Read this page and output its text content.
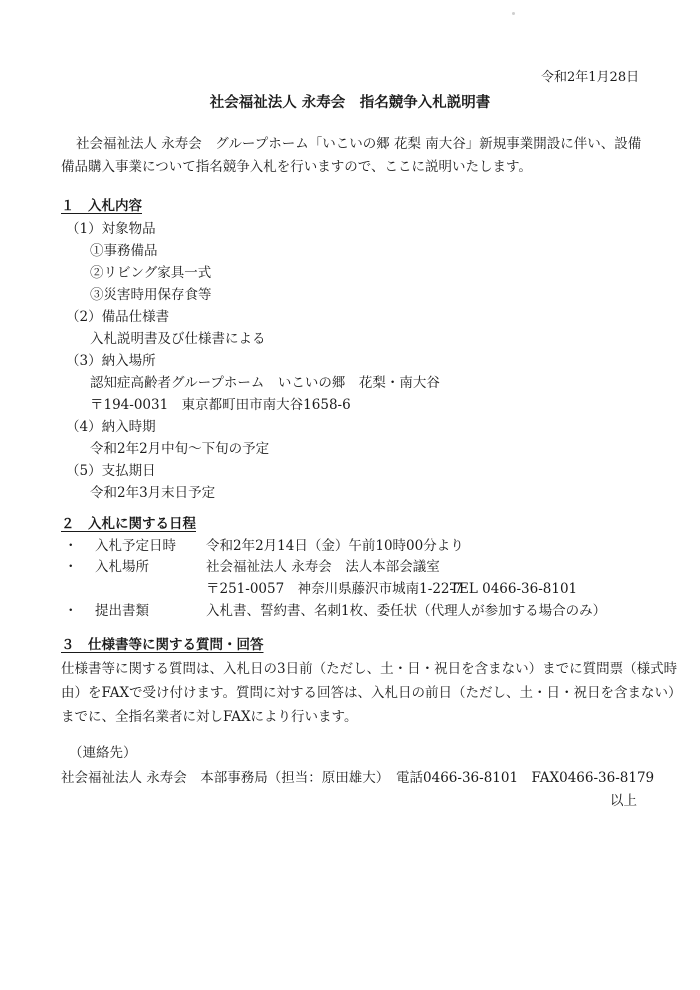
令和2年1月28日

社会福祉法人 永寿会　指名競争入札説明書

社会福祉法人 永寿会　グループホーム「いこいの郷 花梨 南大谷」新規事業開設に伴い、設備

備品購入事業について指名競争入札を行いますので、ここに説明いたします。

１　入札内容

（1）対象物品

①事務備品

②リビング家具一式

③災害時用保存食等

（2）備品仕様書

入札説明書及び仕様書による

（3）納入場所

認知症高齢者グループホーム　いこいの郷　花梨・南大谷

〒194-0031　東京都町田市南大谷1658-6

（4）納入時期

令和2年2月中旬～下旬の予定

（5）支払期日

令和2年3月末日予定

２　入札に関する日程

・ 入札予定日時 令和2年2月14日（金）午前10時00分より

・ 入札場所	社会福祉法人 永寿会　法人本部会議室

〒251-0057　神奈川県藤沢市城南1-22-7

TEL 0466-36-8101

・ 提出書類	入札書、誓約書、名刺1枚、委任状（代理人が参加する場合のみ）

３　仕様書等に関する質問・回答

仕様書等に関する質問は、入札日の3日前（ただし、土・日・祝日を含まない）までに質問票（様式時

由）をFAXで受け付けます。質問に対する回答は、入札日の前日（ただし、土・日・祝日を含まない）

までに、全指名業者に対しFAXにより行います。

（連絡先）

社会福祉法人 永寿会　本部事務局（担当：原田雄大）　電話0466-36-8101　FAX0466-36-8179

以上
